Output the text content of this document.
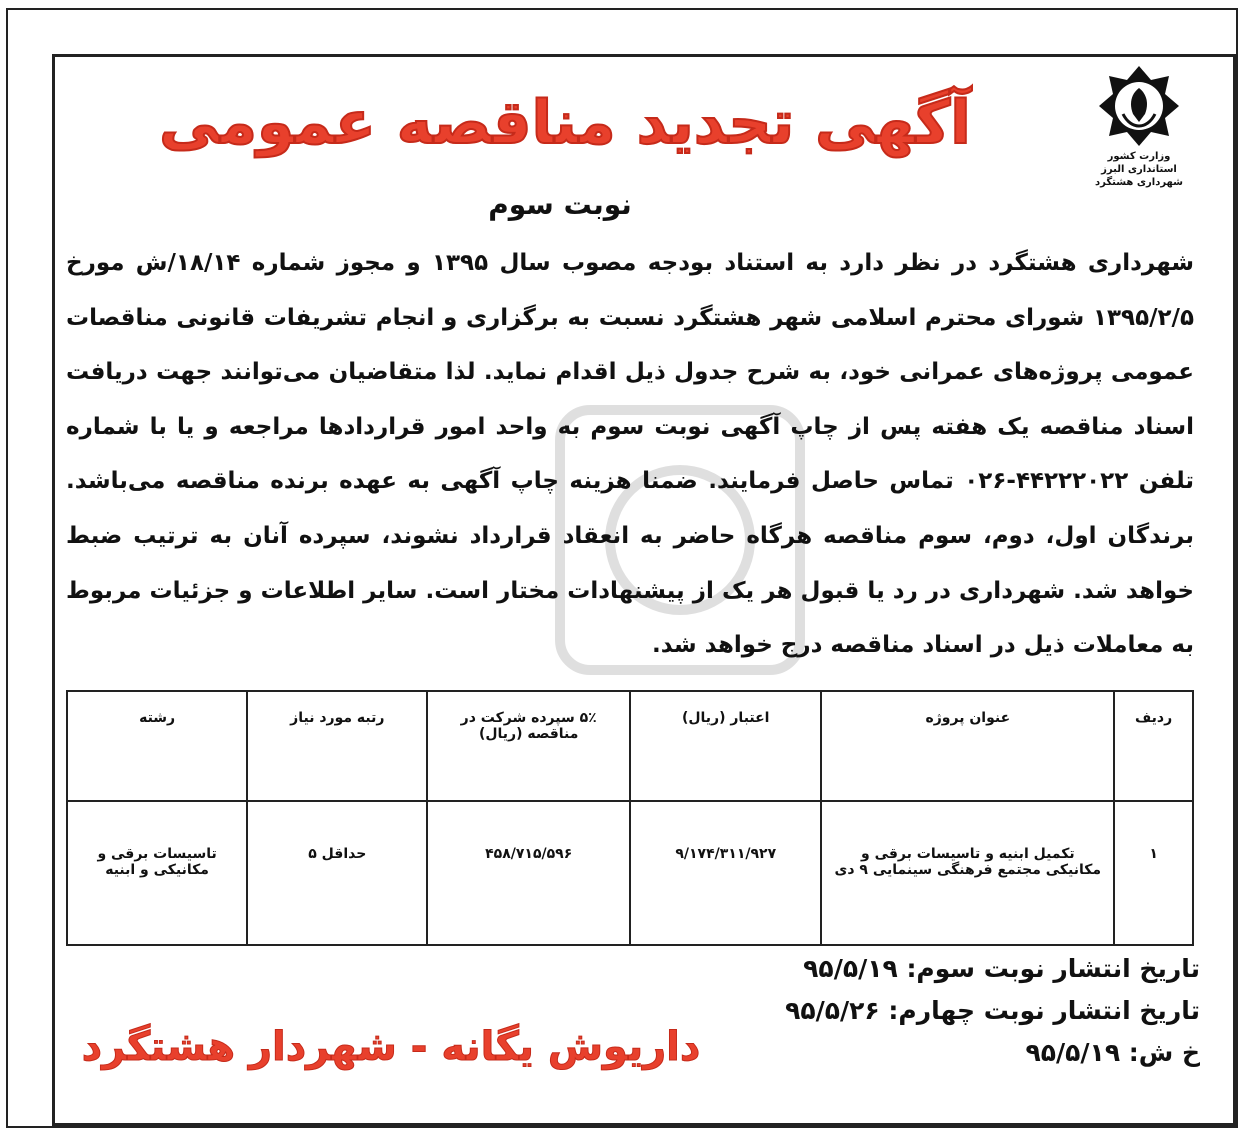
وزارت کشور
استانداری البرز
شهرداری هشتگرد
آگهی تجدید مناقصه عمومی
نوبت سوم
شهرداری هشتگرد در نظر دارد به استناد بودجه مصوب سال ۱۳۹۵ و مجوز شماره ۱۸/۱۴/ش مورخ ۱۳۹۵/۲/۵ شورای محترم اسلامی شهر هشتگرد نسبت به برگزاری و انجام تشریفات قانونی مناقصات عمومی پروژه‌های عمرانی خود، به شرح جدول ذیل اقدام نماید. لذا متقاضیان می‌توانند جهت دریافت اسناد مناقصه یک هفته پس از چاپ آگهی نوبت سوم به واحد امور قراردادها مراجعه و یا با شماره تلفن ۴۴۲۲۲۰۲۲-۰۲۶ تماس حاصل فرمایند. ضمنا هزینه چاپ آگهی به عهده برنده مناقصه می‌باشد. برندگان اول، دوم، سوم مناقصه هرگاه حاضر به انعقاد قرارداد نشوند، سپرده آنان به ترتیب ضبط خواهد شد. شهرداری در رد یا قبول هر یک از پیشنهادات مختار است. سایر اطلاعات و جزئیات مربوط به معاملات ذیل در اسناد مناقصه درج خواهد شد.
ردیف	عنوان پروژه	اعتبار (ریال)	۵٪ سپرده شرکت در مناقصه (ریال)	رتبه مورد نیاز	رشته
۱	تکمیل ابنیه و تاسیسات برقی و مکانیکی مجتمع فرهنگی سینمایی ۹ دی	۹/۱۷۴/۳۱۱/۹۲۷	۴۵۸/۷۱۵/۵۹۶	حداقل ۵	تاسیسات برقی و مکانیکی و ابنیه
تاریخ انتشار نوبت سوم: ۹۵/۵/۱۹
تاریخ انتشار نوبت چهارم: ۹۵/۵/۲۶
خ ش: ۹۵/۵/۱۹
داریوش یگانه - شهردار هشتگرد
